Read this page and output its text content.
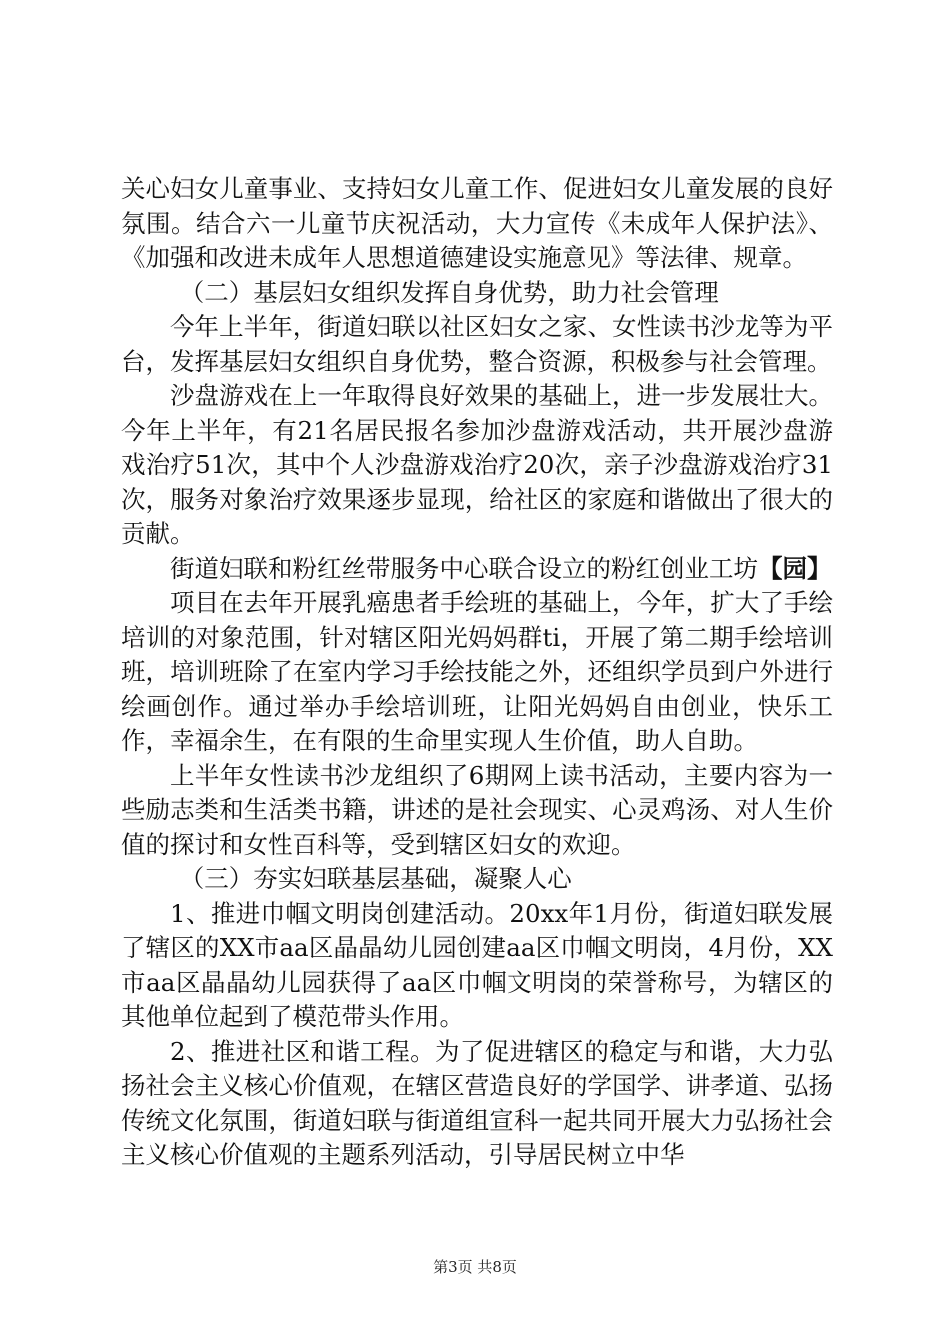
关心妇女儿童事业、支持妇女儿童工作、促进妇女儿童发展的良好氛围。结合六一儿童节庆祝活动，大力宣传《未成年人保护法》、《加强和改进未成年人思想道德建设实施意见》等法律、规章。

（二）基层妇女组织发挥自身优势，助力社会管理

今年上半年，街道妇联以社区妇女之家、女性读书沙龙等为平台，发挥基层妇女组织自身优势，整合资源，积极参与社会管理。

沙盘游戏在上一年取得良好效果的基础上，进一步发展壮大。今年上半年，有21名居民报名参加沙盘游戏活动，共开展沙盘游戏治疗51次，其中个人沙盘游戏治疗20次，亲子沙盘游戏治疗31次，服务对象治疗效果逐步显现，给社区的家庭和谐做出了很大的贡献。

街道妇联和粉红丝带服务中心联合设立的粉红创业工坊【园】

项目在去年开展乳癌患者手绘班的基础上，今年，扩大了手绘培训的对象范围，针对辖区阳光妈妈群ti，开展了第二期手绘培训班，培训班除了在室内学习手绘技能之外，还组织学员到户外进行绘画创作。通过举办手绘培训班，让阳光妈妈自由创业，快乐工作，幸福余生，在有限的生命里实现人生价值，助人自助。

上半年女性读书沙龙组织了6期网上读书活动，主要内容为一些励志类和生活类书籍，讲述的是社会现实、心灵鸡汤、对人生价值的探讨和女性百科等，受到辖区妇女的欢迎。

（三）夯实妇联基层基础，凝聚人心

1、推进巾帼文明岗创建活动。20xx年1月份，街道妇联发展了辖区的XX市aa区晶晶幼儿园创建aa区巾帼文明岗，4月份，XX市aa区晶晶幼儿园获得了aa区巾帼文明岗的荣誉称号，为辖区的其他单位起到了模范带头作用。

2、推进社区和谐工程。为了促进辖区的稳定与和谐，大力弘扬社会主义核心价值观，在辖区营造良好的学国学、讲孝道、弘扬传统文化氛围，街道妇联与街道组宣科一起共同开展大力弘扬社会主义核心价值观的主题系列活动，引导居民树立中华

第3页 共8页
